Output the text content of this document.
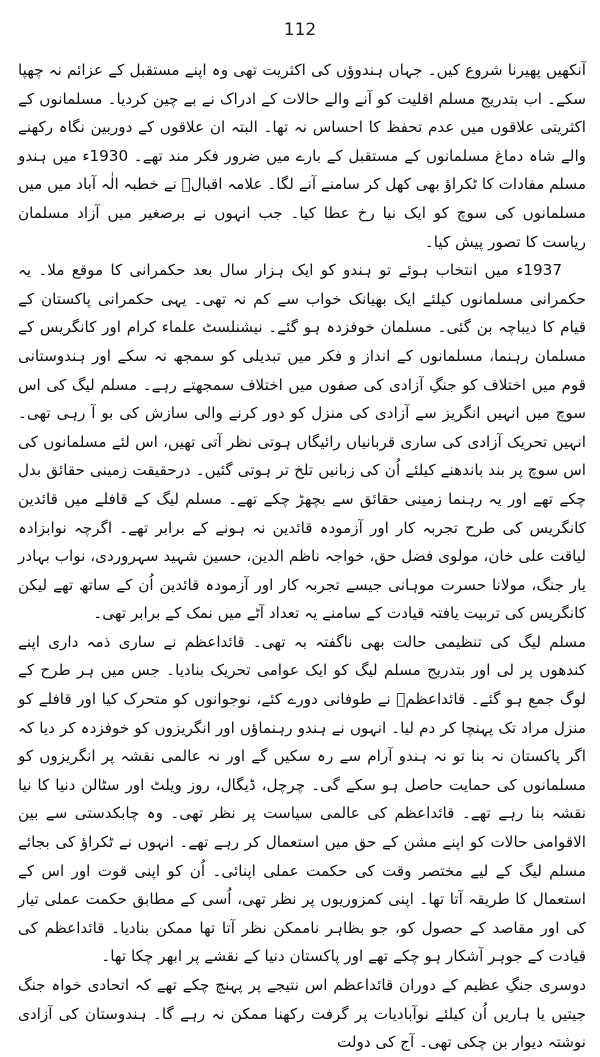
112

آنکھیں پھیرنا شروع کیں۔ جہاں ہندوؤں کی اکثریت تھی وہ اپنے مستقبل کے عزائم نہ چھپا سکے۔ اب بتدریج مسلم اقلیت کو آنے والے حالات کے ادراک نے بے چین کردیا۔ مسلمانوں کے اکثریتی علاقوں میں عدم تحفظ کا احساس نہ تھا۔ البتہ ان علاقوں کے دوربین نگاہ رکھنے والے شاہ دماغ مسلمانوں کے مستقبل کے بارے میں ضرور فکر مند تھے۔ 1930ء میں ہندو مسلم مفادات کا ٹکراؤ بھی کھل کر سامنے آنے لگا۔ علامہ اقبالؒ نے خطبہ الٰہ آباد میں میں مسلمانوں کی سوچ کو ایک نیا رخ عطا کیا۔ جب انہوں نے برصغیر میں آزاد مسلمان ریاست کا تصور پیش کیا۔

1937ء میں انتخاب ہوئے تو ہندو کو ایک ہزار سال بعد حکمرانی کا موقع ملا۔ یہ حکمرانی مسلمانوں کیلئے ایک بھیانک خواب سے کم نہ تھی۔ یہی حکمرانی پاکستان کے قیام کا دیباچہ بن گئی۔ مسلمان خوفزدہ ہو گئے۔ نیشنلسٹ علماء کرام اور کانگریس کے مسلمان رہنما، مسلمانوں کے انداز و فکر میں تبدیلی کو سمجھ نہ سکے اور ہندوستانی قوم میں اختلاف کو جنگِ آزادی کی صفوں میں اختلاف سمجھتے رہے۔ مسلم لیگ کی اس سوچ میں انہیں انگریز سے آزادی کی منزل کو دور کرنے والی سازش کی بو آ رہی تھی۔ انہیں تحریک آزادی کی ساری قربانیاں رائیگاں ہوتی نظر آتی تھیں، اس لئے مسلمانوں کی اس سوچ پر بند باندھنے کیلئے اُن کی زبانیں تلخ تر ہوتی گئیں۔ درحقیقت زمینی حقائق بدل چکے تھے اور یہ رہنما زمینی حقائق سے بچھڑ چکے تھے۔ مسلم لیگ کے قافلے میں قائدین کانگریس کی طرح تجربہ کار اور آزمودہ قائدین نہ ہونے کے برابر تھے۔ اگرچہ نوابزادہ لیاقت علی خان، مولوی فضل حق، خواجہ ناظم الدین، حسین شہید سہروردی، نواب بہادر یار جنگ، مولانا حسرت موہانی جیسے تجربہ کار اور آزمودہ قائدین اُن کے ساتھ تھے لیکن کانگریس کی تربیت یافتہ قیادت کے سامنے یہ تعداد آٹے میں نمک کے برابر تھی۔

مسلم لیگ کی تنظیمی حالت بھی ناگفتہ بہ تھی۔ قائداعظم نے ساری ذمہ داری اپنے کندھوں پر لی اور بتدریج مسلم لیگ کو ایک عوامی تحریک بنادیا۔ جس میں ہر طرح کے لوگ جمع ہو گئے۔ قائداعظمؒ نے طوفانی دورے کئے، نوجوانوں کو متحرک کیا اور قافلے کو منزل مراد تک پہنچا کر دم لیا۔ انہوں نے ہندو رہنماؤں اور انگریزوں کو خوفزدہ کر دیا کہ اگر پاکستان نہ بنا تو نہ ہندو آرام سے رہ سکیں گے اور نہ عالمی نقشہ پر انگریزوں کو مسلمانوں کی حمایت حاصل ہو سکے گی۔ چرچل، ڈیگال، روز ویلٹ اور سٹالن دنیا کا نیا نقشہ بنا رہے تھے۔ قائداعظم کی عالمی سیاست پر نظر تھی۔ وہ چابکدستی سے بین الاقوامی حالات کو اپنے مشن کے حق میں استعمال کر رہے تھے۔ انہوں نے ٹکراؤ کی بجائے مسلم لیگ کے لیے مختصر وقت کی حکمت عملی اپنائی۔ اُن کو اپنی قوت اور اس کے استعمال کا طریقہ آتا تھا۔ اپنی کمزوریوں پر نظر تھی، اُسی کے مطابق حکمت عملی تیار کی اور مقاصد کے حصول کو، جو بظاہر ناممکن نظر آتا تھا ممکن بنادیا۔ قائداعظم کی قیادت کے جوہر آشکار ہو چکے تھے اور پاکستان دنیا کے نقشے پر ابھر چکا تھا۔

دوسری جنگِ عظیم کے دوران قائداعظم اس نتیجے پر پہنچ چکے تھے کہ اتحادی خواہ جنگ جیتیں یا ہاریں اُن کیلئے نوآبادیات پر گرفت رکھنا ممکن نہ رہے گا۔ ہندوستان کی آزادی نوشتہ دیوار بن چکی تھی۔ آج کی دولت
